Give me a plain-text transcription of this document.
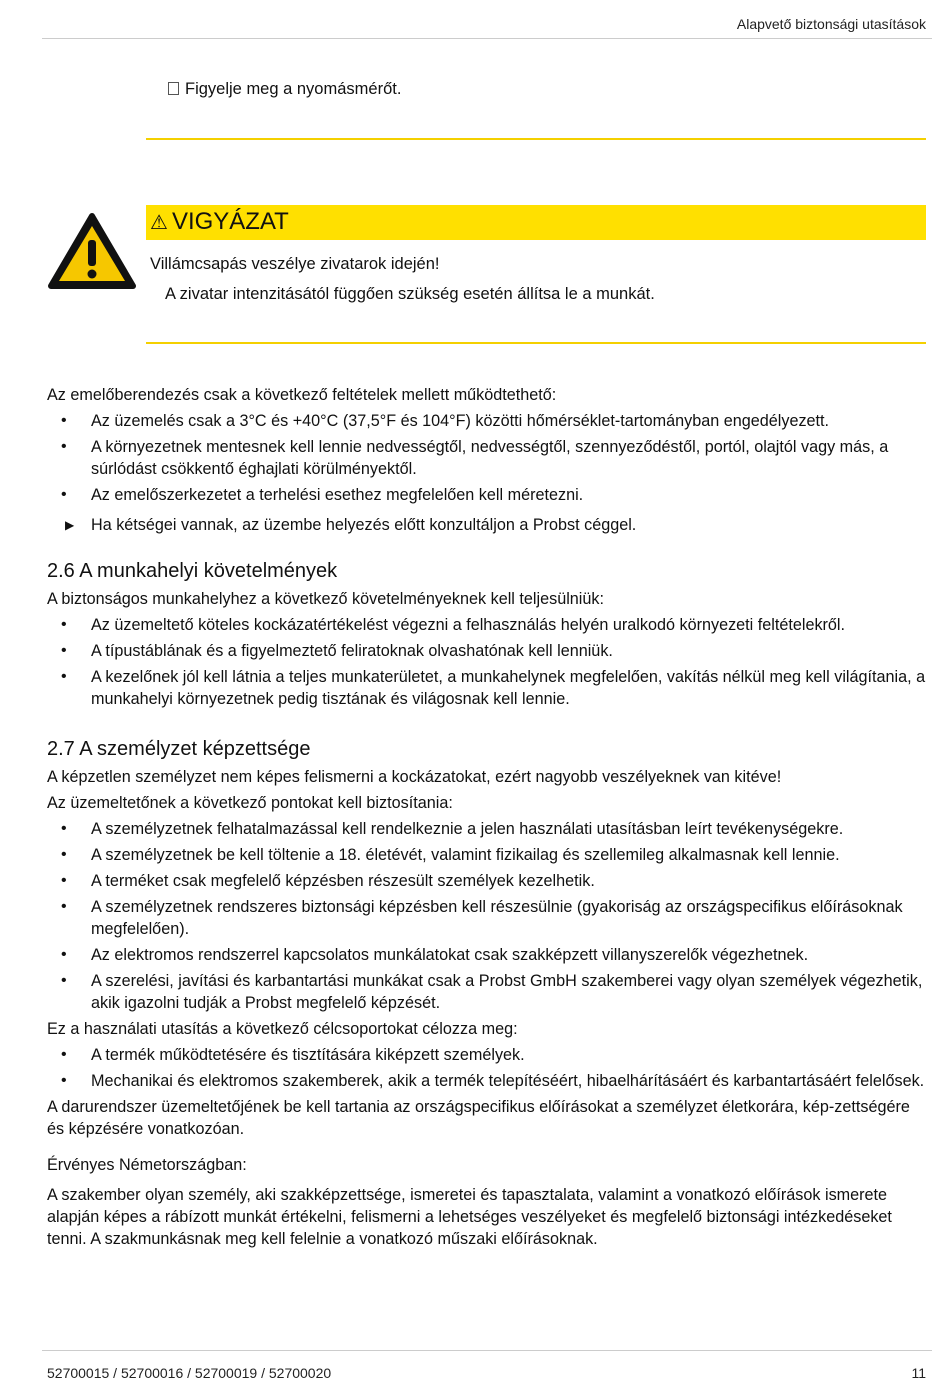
Alapvető biztonsági utasítások
Figyelje meg a nyomásmérőt.
⚠ VIGYÁZAT
Villámcsapás veszélye zivatarok idején!
A zivatar intenzitásától függően szükség esetén állítsa le a munkát.

Az emelőberendezés csak a következő feltételek mellett működtethető:

• Az üzemelés csak a 3°C és +40°C (37,5°F és 104°F) közötti hőmérséklet-tartományban engedélyezett.
• A környezetnek mentesnek kell lennie nedvességtől, nedvességtől, szennyeződéstől, portól, olajtól vagy más, a súrlódást csökkentő éghajlati körülményektől.
• Az emelőszerkezetet a terhelési esethez megfelelően kell méretezni.

▶ Ha kétségei vannak, az üzembe helyezés előtt konzultáljon a Probst céggel.

2.6 A munkahelyi követelmények

A biztonságos munkahelyhez a következő követelményeknek kell teljesülniük:

• Az üzemeltető köteles kockázatértékelést végezni a felhasználás helyén uralkodó környezeti feltételekről.
• A típustáblának és a figyelmeztető feliratoknak olvashatónak kell lenniük.
• A kezelőnek jól kell látnia a teljes munkaterületet, a munkahelynek megfelelően, vakítás nélkül meg kell világítania, a munkahelyi környezetnek pedig tisztának és világosnak kell lennie.
2.7 A személyzet képzettsége

A képzetlen személyzet nem képes felismerni a kockázatokat, ezért nagyobb veszélyeknek van kitéve!

Az üzemeltetőnek a következő pontokat kell biztosítania:

• A személyzetnek felhatalmazással kell rendelkeznie a jelen használati utasításban leírt tevékenységekre.
• A személyzetnek be kell töltenie a 18. életévét, valamint fizikailag és szellemileg alkalmasnak kell lennie.
• A terméket csak megfelelő képzésben részesült személyek kezelhetik.
• A személyzetnek rendszeres biztonsági képzésben kell részesülnie (gyakoriság az országspecifikus előírásoknak megfelelően).
• Az elektromos rendszerrel kapcsolatos munkálatokat csak szakképzett villanyszerelők végezhetnek.
• A szerelési, javítási és karbantartási munkákat csak a Probst GmbH szakemberei vagy olyan személyek végezhetik, akik igazolni tudják a Probst megfelelő képzését.

Ez a használati utasítás a következő célcsoportokat célozza meg:

• A termék működtetésére és tisztítására kiképzett személyek.
• Mechanikai és elektromos szakemberek, akik a termék telepítéséért, hibaelhárításáért és karbantartásáért felelősek.

A darurendszer üzemeltetőjének be kell tartania az országspecifikus előírásokat a személyzet életkorára, kép-zettségére és képzésére vonatkozóan.

Érvényes Németországban:

A szakember olyan személy, aki szakképzettsége, ismeretei és tapasztalata, valamint a vonatkozó előírások ismerete alapján képes a rábízott munkát értékelni, felismerni a lehetséges veszélyeket és megfelelő biztonsági intézkedéseket tenni. A szakmunkásnak meg kell felelnie a vonatkozó műszaki előírásoknak.

52700015 / 52700016 / 52700019 / 52700020	11
